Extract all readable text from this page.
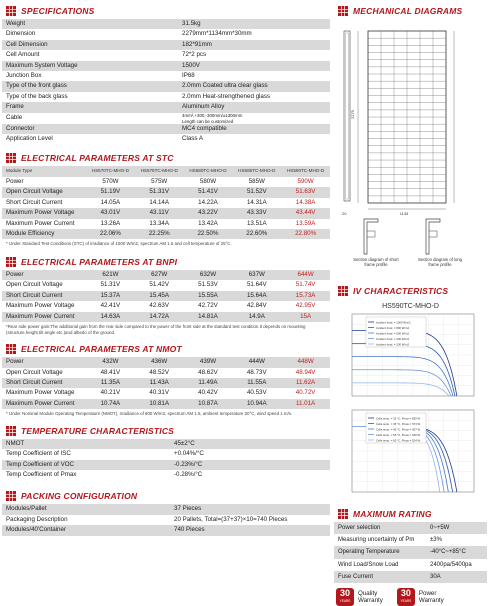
SPECIFICATIONS
Weight	31.5kg
Dimension	2279mm*1134mm*30mm
Cell Dimension	182*91mm
Cell Amount	72*2 pcs
Maximum System Voltage	1500V
Junction Box	IP68
Type of the front glass	2.0mm Coated ultra clear glass
Type of the back glass	2.0mm Heat-strengthened glass
Frame	Aluminum Alloy
Cable	4mm²,+300,-300mm/±1300mm
Length can be customized

Connector	MC4 compatible
Application Level	Class A
ELECTRICAL PARAMETERS AT STC
Module Type	HS570TC-MHO-D	HS575TC-MHO-D	HS580TC-MHO-D	HS585TC-MHO-D	HS590TC-MHO-D
Power	570W	575W	580W	585W	590W
Open Circuit Voltage	51.19V	51.31V	51.41V	51.52V	51.63V
Short Circuit Current	14.05A	14.14A	14.22A	14.31A	14.38A
Maximum Power Voltage	43.01V	43.11V	43.22V	43.33V	43.44V
Maximum Power Current	13.26A	13.34A	13.42A	13.51A	13.59A
Module Efficiency	22.06%	22.25%	22.50%	22.60%	22.80%
* Under Standard Test Conditions (STC) of irradiance of 1000 W/m2, spectrum AM 1.5 and cell temperature of 25°C.
ELECTRICAL PARAMETERS AT BNPI
Power	621W	627W	632W	637W	644W
Open Circuit Voltage	51.31V	51.42V	51.53V	51.64V	51.74V
Short Circuit Current	15.37A	15.45A	15.55A	15.64A	15.73A
Maximum Power Voltage	42.41V	42.63V	42.72V	42.84V	42.95V
Maximum Power Current	14.63A	14.72A	14.81A	14.9A	15A
*Rear side power gain:The additional gain from the rear side compared to the power of the front side at the standard test condition.It depends on mounting (structure,height,tilt angle etc.)and albedo of the ground.
ELECTRICAL PARAMETERS AT NMOT
Power	432W	436W	439W	444W	448W
Open Circuit Voltage	48.41V	48.52V	48.62V	48.73V	48.94V
Short Circuit Current	11.35A	11.43A	11.49A	11.55A	11.62A
Maximum Power Voltage	40.21V	40.31V	40.42V	40.53V	40.72V
Maximum Power Current	10.74A	10.81A	10.87A	10.94A	11.01A
* Under Nominal Module Operating Temperature (NMOT), irradiance of 800 W/m2, spectrum AM 1.5, ambient temperature 20°C, wind speed 1 m/s.
TEMPERATURE CHARACTERISTICS
NMOT	45±2°C
Temp Coefficient of ISC	+0.04%/°C
Temp Coefficient of VOC	-0.23%/°C
Temp Coefficient of Pmax	-0.28%/°C
PACKING CONFIGURATION
Modules/Pallet	37 Pieces
Packaging Description	20 Pallets, Total=(37+37)×10=740 Pieces
Modules/40'Container	740 Pieces
MECHANICAL DIAGRAMS
2279
1134
20
Section diagram of short frame profile
Section diagram of long frame profile
IV CHARACTERISTICS
HS590TC-MHO-D
Incident Irrad. = 1000 W/m2
Incident Irrad. = 800 W/m2
Incident Irrad. = 600 W/m2
Incident Irrad. = 400 W/m2
Incident Irrad. = 200 W/m2
Cells temp. = 25 °C, Pmax = 590 W
Cells temp. = 35 °C, Pmax = 573 W
Cells temp. = 45 °C, Pmax = 557 W
Cells temp. = 55 °C, Pmax = 540 W
Cells temp. = 65 °C, Pmax = 524 W
MAXIMUM RATING
Power selection	0~+5W
Measuring uncertainty of Pm	±3%
Operating Temperature	-40°C~+85°C
Wind Load/Snow Load	2400pa/5400pa
Fuse Current	30A
30
YEARS
Quality
Warranty
30
YEARS
Power
Warranty
